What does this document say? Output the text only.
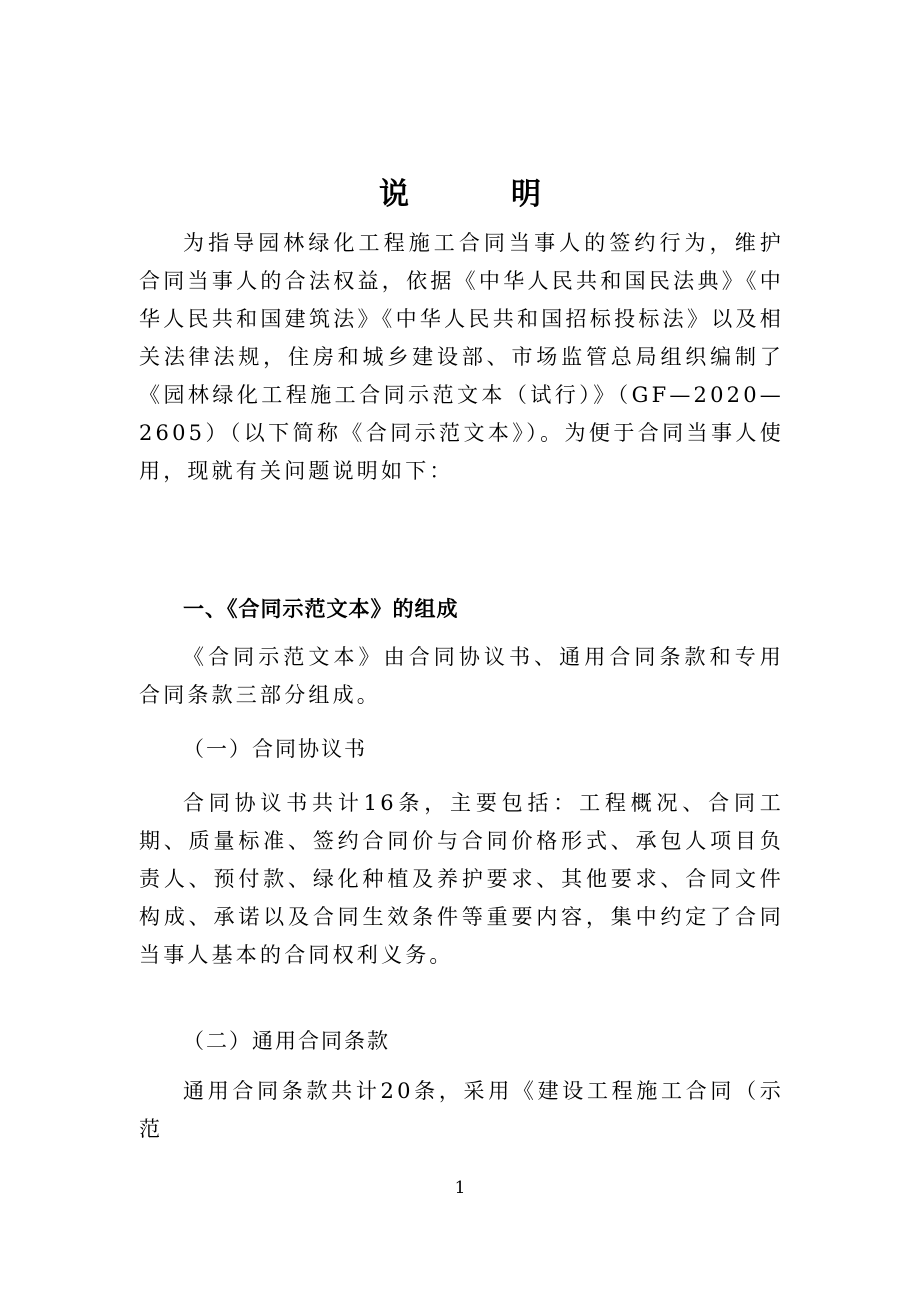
说　明
为指导园林绿化工程施工合同当事人的签约行为，维护合同当事人的合法权益，依据《中华人民共和国民法典》《中华人民共和国建筑法》《中华人民共和国招标投标法》以及相关法律法规，住房和城乡建设部、市场监管总局组织编制了《园林绿化工程施工合同示范文本（试行）》（GF—2020—2605）（以下简称《合同示范文本》）。为便于合同当事人使用，现就有关问题说明如下：
一、《合同示范文本》的组成
《合同示范文本》由合同协议书、通用合同条款和专用合同条款三部分组成。
（一）合同协议书
合同协议书共计16条，主要包括：工程概况、合同工期、质量标准、签约合同价与合同价格形式、承包人项目负责人、预付款、绿化种植及养护要求、其他要求、合同文件构成、承诺以及合同生效条件等重要内容，集中约定了合同当事人基本的合同权利义务。
（二）通用合同条款
通用合同条款共计20条，采用《建设工程施工合同（示范
1
